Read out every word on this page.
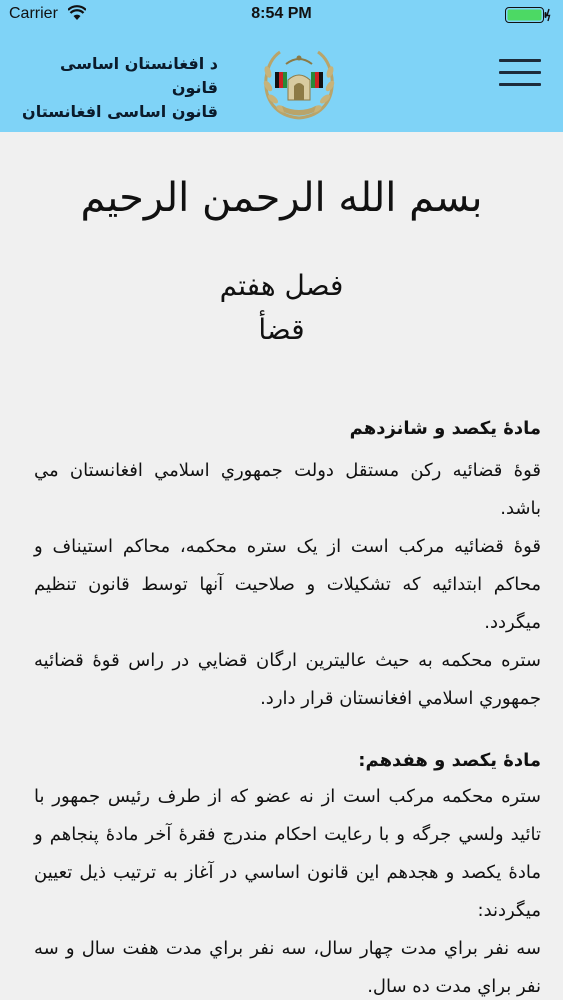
Carrier	8:54 PM
د افغانستان اساسی قانون
قانون اساسی افغانستان
بسم الله الرحمن الرحيم
فصل هفتم
قضأ
مادۀ يکصد و شانزدهم

قوۀ قضائيه رکن مستقل دولت جمهوري اسلامي افغانستان مي باشد.

قوۀ قضائيه مرکب است از يک ستره محکمه، محاکم استيناف و محاکم ابتدائيه که تشکيلات و صلاحيت آنها توسط قانون تنظيم ميگردد.

ستره محکمه به حيث عاليترين ارگان قضايي در راس قوۀ قضائيه جمهوري اسلامي افغانستان قرار دارد.

مادۀ يکصد و هفدهم:

ستره محکمه مرکب است از نه عضو که از طرف رئيس جمهور با تائيد ولسي جرگه و با رعايت احکام مندرج فقرۀ آخر مادۀ پنجاهم و مادۀ يکصد و هجدهم اين قانون اساسي در آغاز به ترتيب ذيل تعيين ميگردند:

سه نفر براي مدت چهار سال، سه نفر براي مدت هفت سال و سه نفر براي مدت ده سال.
